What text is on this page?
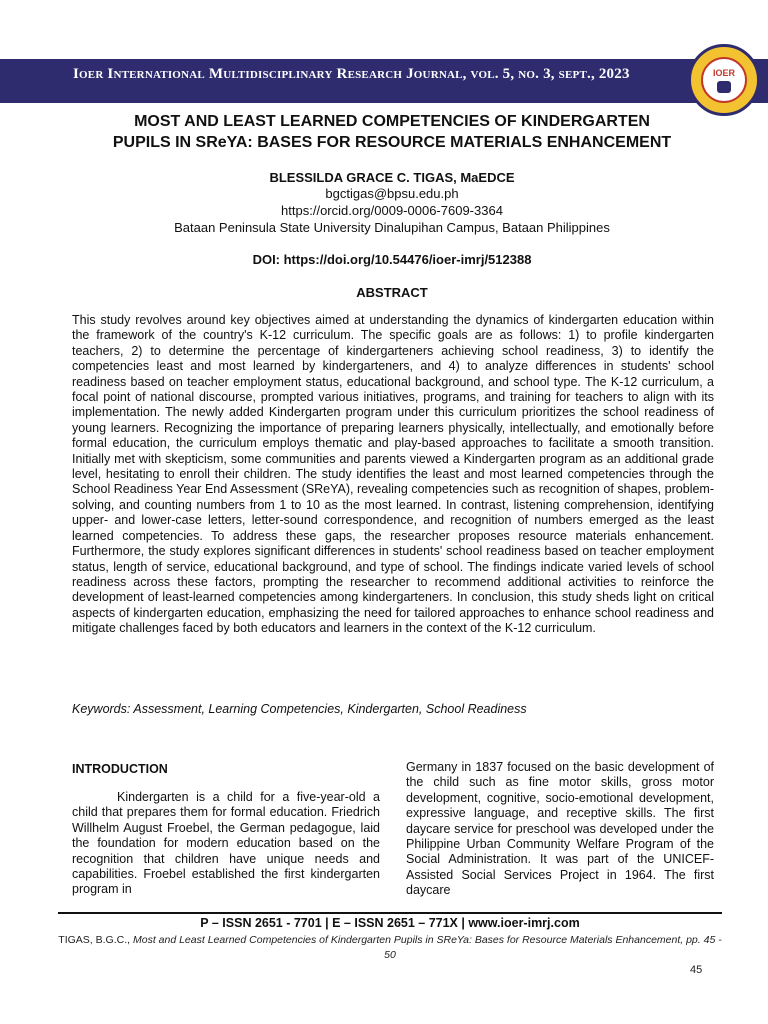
Ioer International Multidisciplinary Research Journal, vol. 5, no. 3, sept., 2023	IOER
MOST AND LEAST LEARNED COMPETENCIES OF KINDERGARTEN
PUPILS IN SReYA: BASES FOR RESOURCE MATERIALS ENHANCEMENT
BLESSILDA GRACE C. TIGAS, MaEDCE
bgctigas@bpsu.edu.ph
https://orcid.org/0009-0006-7609-3364
Bataan Peninsula State University Dinalupihan Campus, Bataan Philippines
DOI: https://doi.org/10.54476/ioer-imrj/512388
ABSTRACT

This study revolves around key objectives aimed at understanding the dynamics of kindergarten education within the framework of the country's K-12 curriculum. The specific goals are as follows: 1) to profile kindergarten teachers, 2) to determine the percentage of kindergarteners achieving school readiness, 3) to identify the competencies least and most learned by kindergarteners, and 4) to analyze differences in students' school readiness based on teacher employment status, educational background, and school type. The K-12 curriculum, a focal point of national discourse, prompted various initiatives, programs, and training for teachers to align with its implementation. The newly added Kindergarten program under this curriculum prioritizes the school readiness of young learners. Recognizing the importance of preparing learners physically, intellectually, and emotionally before formal education, the curriculum employs thematic and play-based approaches to facilitate a smooth transition. Initially met with skepticism, some communities and parents viewed a Kindergarten program as an additional grade level, hesitating to enroll their children. The study identifies the least and most learned competencies through the School Readiness Year End Assessment (SReYA), revealing competencies such as recognition of shapes, problem-solving, and counting numbers from 1 to 10 as the most learned. In contrast, listening comprehension, identifying upper- and lower-case letters, letter-sound correspondence, and recognition of numbers emerged as the least learned competencies. To address these gaps, the researcher proposes resource materials enhancement. Furthermore, the study explores significant differences in students' school readiness based on teacher employment status, length of service, educational background, and type of school. The findings indicate varied levels of school readiness across these factors, prompting the researcher to recommend additional activities to reinforce the development of least-learned competencies among kindergarteners. In conclusion, this study sheds light on critical aspects of kindergarten education, emphasizing the need for tailored approaches to enhance school readiness and mitigate challenges faced by both educators and learners in the context of the K-12 curriculum.

Keywords: Assessment, Learning Competencies, Kindergarten, School Readiness

INTRODUCTION

Kindergarten is a child for a five-year-old a child that prepares them for formal education. Friedrich Willhelm August Froebel, the German pedagogue, laid the foundation for modern education based on the recognition that children have unique needs and capabilities. Froebel established the first kindergarten program in

Germany in 1837 focused on the basic development of the child such as fine motor skills, gross motor development, cognitive, socio-emotional development, expressive language, and receptive skills. The first daycare service for preschool was developed under the Philippine Urban Community Welfare Program of the Social Administration. It was part of the UNICEF-Assisted Social Services Project in 1964. The first daycare

P – ISSN 2651 - 7701 | E – ISSN 2651 – 771X | www.ioer-imrj.com
TIGAS, B.G.C., Most and Least Learned Competencies of Kindergarten Pupils in SReYa: Bases for Resource Materials Enhancement, pp. 45 - 50
45
